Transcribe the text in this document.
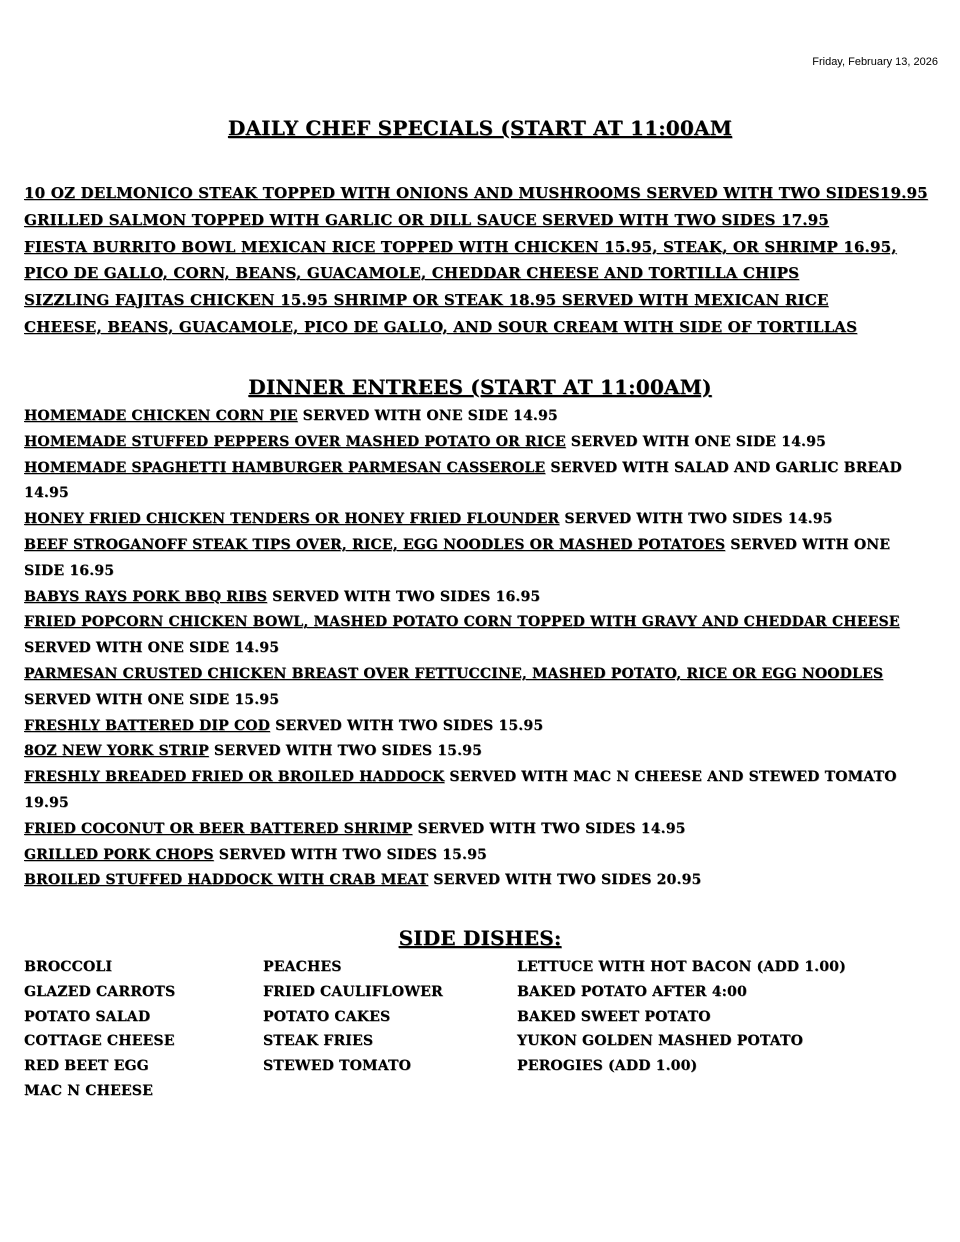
Friday, February 13, 2026
DAILY CHEF SPECIALS (START AT 11:00AM
10 OZ DELMONICO STEAK TOPPED WITH ONIONS AND MUSHROOMS SERVED WITH TWO SIDES19.95
GRILLED SALMON TOPPED WITH GARLIC OR DILL SAUCE SERVED WITH TWO SIDES 17.95
FIESTA BURRITO BOWL MEXICAN RICE TOPPED WITH CHICKEN 15.95, STEAK, OR SHRIMP 16.95,
PICO DE GALLO, CORN, BEANS, GUACAMOLE, CHEDDAR CHEESE AND TORTILLA CHIPS
SIZZLING FAJITAS CHICKEN 15.95 SHRIMP OR STEAK 18.95 SERVED WITH MEXICAN RICE
CHEESE, BEANS, GUACAMOLE, PICO DE GALLO, AND SOUR CREAM WITH SIDE OF TORTILLAS
DINNER ENTREES (START AT 11:00AM)
HOMEMADE CHICKEN CORN PIE SERVED WITH ONE SIDE 14.95
HOMEMADE STUFFED PEPPERS OVER MASHED POTATO OR RICE SERVED WITH ONE SIDE 14.95
HOMEMADE SPAGHETTI HAMBURGER PARMESAN CASSEROLE SERVED WITH SALAD AND GARLIC BREAD 14.95
HONEY FRIED CHICKEN TENDERS OR HONEY FRIED FLOUNDER SERVED WITH TWO SIDES 14.95
BEEF STROGANOFF STEAK TIPS OVER, RICE, EGG NOODLES OR MASHED POTATOES SERVED WITH ONE SIDE 16.95
BABYS RAYS PORK BBQ RIBS SERVED WITH TWO SIDES 16.95
FRIED POPCORN CHICKEN BOWL, MASHED POTATO CORN TOPPED WITH GRAVY AND CHEDDAR CHEESE SERVED WITH ONE SIDE 14.95
PARMESAN CRUSTED CHICKEN BREAST OVER FETTUCCINE, MASHED POTATO, RICE OR EGG NOODLES SERVED WITH ONE SIDE 15.95
FRESHLY BATTERED DIP COD SERVED WITH TWO SIDES 15.95
8OZ NEW YORK STRIP SERVED WITH TWO SIDES 15.95
FRESHLY BREADED FRIED OR BROILED HADDOCK SERVED WITH MAC N CHEESE AND STEWED TOMATO 19.95
FRIED COCONUT OR BEER BATTERED SHRIMP SERVED WITH TWO SIDES 14.95
GRILLED PORK CHOPS SERVED WITH TWO SIDES 15.95
BROILED STUFFED HADDOCK WITH CRAB MEAT SERVED WITH TWO SIDES 20.95
SIDE DISHES:
BROCCOLI
GLAZED CARROTS
POTATO SALAD
COTTAGE CHEESE
RED BEET EGG
MAC N CHEESE
PEACHES
FRIED CAULIFLOWER
POTATO CAKES
STEAK FRIES
STEWED TOMATO
LETTUCE WITH HOT BACON (ADD 1.00)
BAKED POTATO AFTER 4:00
BAKED SWEET POTATO
YUKON GOLDEN MASHED POTATO
PEROGIES (ADD 1.00)
